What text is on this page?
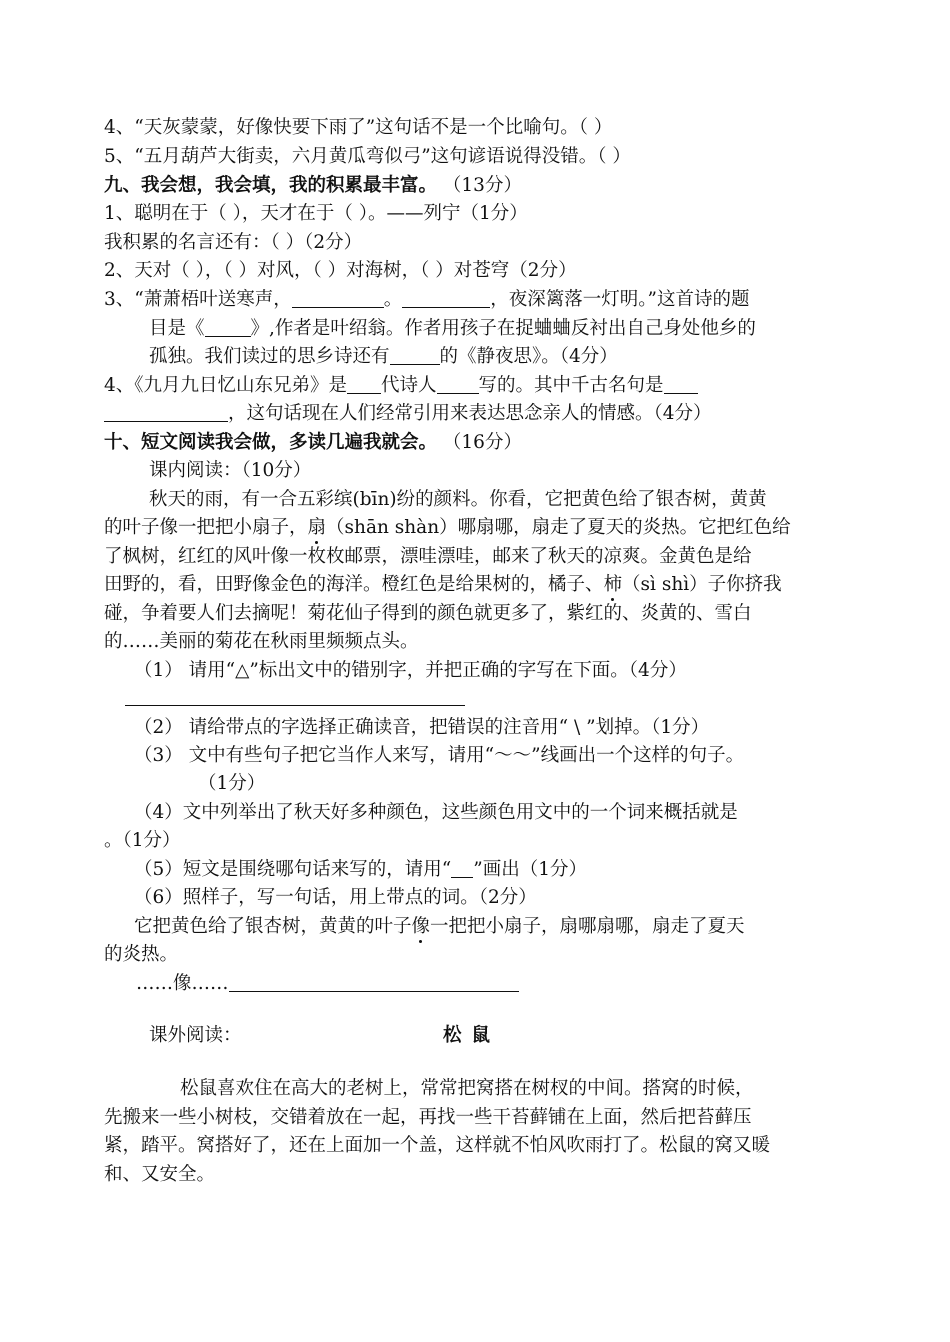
4、“天灰蒙蒙，好像快要下雨了”这句话不是一个比喻句。（ ）
5、“五月葫芦大街卖，六月黄瓜弯似弓”这句谚语说得没错。（ ）
九、我会想，我会填，我的积累最丰富。 （13分）
1、聪明在于（ ），天才在于（ ）。——列宁（1分）
我积累的名言还有：（ ）（2分）
2、天对（ ），（ ）对风，（ ）对海树，（ ）对苍穹（2分）
3、“萧萧梧叶送寒声，	。	，夜深篱落一灯明。”这首诗的题
目是《 》,作者是叶绍翁。作者用孩子在捉蛐蛐反衬出自己身处他乡的
孤独。我们读过的思乡诗还有	的《静夜思》。（4分）
4、《九月九日忆山东兄弟》是 代诗人 写的。其中千古名句是
，这句话现在人们经常引用来表达思念亲人的情感。（4分）
十、短文阅读我会做，多读几遍我就会。 （16分）
课内阅读：（10分）
秋天的雨，有一合五彩缤(bīn)纷的颜料。你看，它把黄色给了银杏树，黄黄
的叶子像一把把小扇子，扇（shān shàn）哪扇哪，扇走了夏天的炎热。它把红色给
了枫树，红红的风叶像一枚枚邮票，漂哇漂哇，邮来了秋天的凉爽。金黄色是给
田野的，看，田野像金色的海洋。橙红色是给果树的，橘子、柿（sì shì）子你挤我
碰，争着要人们去摘呢！菊花仙子得到的颜色就更多了，紫红的、炎黄的、雪白
的……美丽的菊花在秋雨里频频点头。
（1） 请用“△”标出文中的错别字，并把正确的字写在下面。（4分）
（2） 请给带点的字选择正确读音，把错误的注音用“ \ ”划掉。（1分）
（3） 文中有些句子把它当作人来写，请用“～～”线画出一个这样的句子。
（1分）
（4）文中列举出了秋天好多种颜色，这些颜色用文中的一个词来概括就是
。（1分）
（5）短文是围绕哪句话来写的，请用“ ”画出（1分）
（6）照样子，写一句话，用上带点的词。（2分）
它把黄色给了银杏树，黄黄的叶子像一把把小扇子，扇哪扇哪，扇走了夏天
的炎热。
……像……
课外阅读：	松鼠
松鼠喜欢住在高大的老树上，常常把窝搭在树杈的中间。搭窝的时候，
先搬来一些小树枝，交错着放在一起，再找一些干苔藓铺在上面，然后把苔藓压
紧，踏平。窝搭好了，还在上面加一个盖，这样就不怕风吹雨打了。松鼠的窝又暖
和、又安全。
